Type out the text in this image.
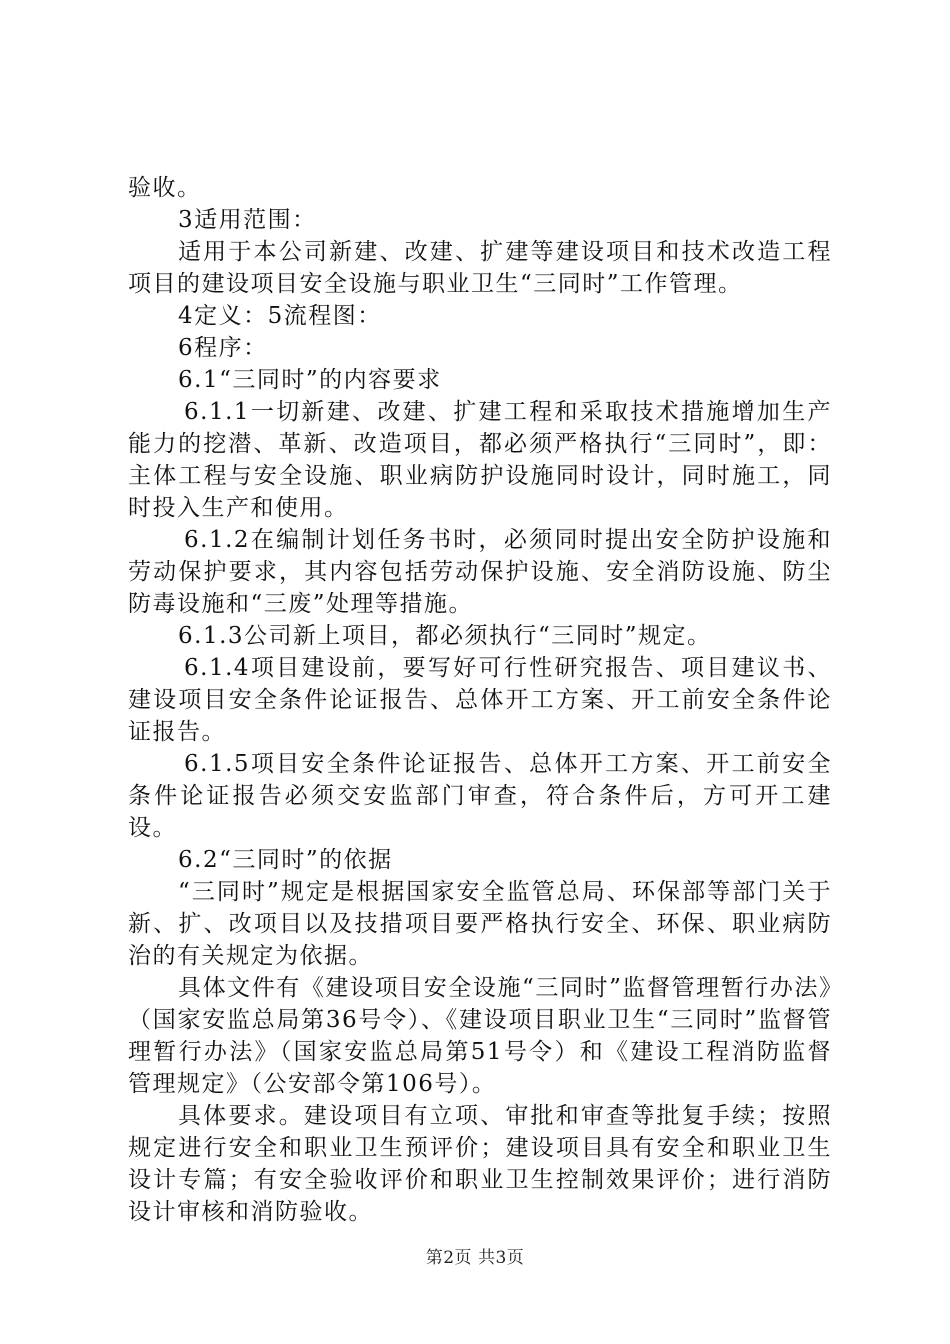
验收。

3适用范围：

适用于本公司新建、改建、扩建等建设项目和技术改造工程项目的建设项目安全设施与职业卫生“三同时”工作管理。

4定义：5流程图：

6程序：

6.1“三同时”的内容要求

6.1.1一切新建、改建、扩建工程和采取技术措施增加生产能力的挖潜、革新、改造项目，都必须严格执行“三同时”，即：主体工程与安全设施、职业病防护设施同时设计，同时施工，同时投入生产和使用。

6.1.2在编制计划任务书时，必须同时提出安全防护设施和劳动保护要求，其内容包括劳动保护设施、安全消防设施、防尘防毒设施和“三废”处理等措施。

6.1.3公司新上项目，都必须执行“三同时”规定。

6.1.4项目建设前，要写好可行性研究报告、项目建议书、建设项目安全条件论证报告、总体开工方案、开工前安全条件论证报告。

6.1.5项目安全条件论证报告、总体开工方案、开工前安全条件论证报告必须交安监部门审查，符合条件后，方可开工建设。

6.2“三同时”的依据

“三同时”规定是根据国家安全监管总局、环保部等部门关于新、扩、改项目以及技措项目要严格执行安全、环保、职业病防治的有关规定为依据。

具体文件有《建设项目安全设施“三同时”监督管理暂行办法》（国家安监总局第36号令）、《建设项目职业卫生“三同时”监督管理暂行办法》（国家安监总局第51号令）和《建设工程消防监督管理规定》（公安部令第106号）。

具体要求。建设项目有立项、审批和审查等批复手续；按照规定进行安全和职业卫生预评价；建设项目具有安全和职业卫生设计专篇；有安全验收评价和职业卫生控制效果评价；进行消防设计审核和消防验收。

第2页 共3页
